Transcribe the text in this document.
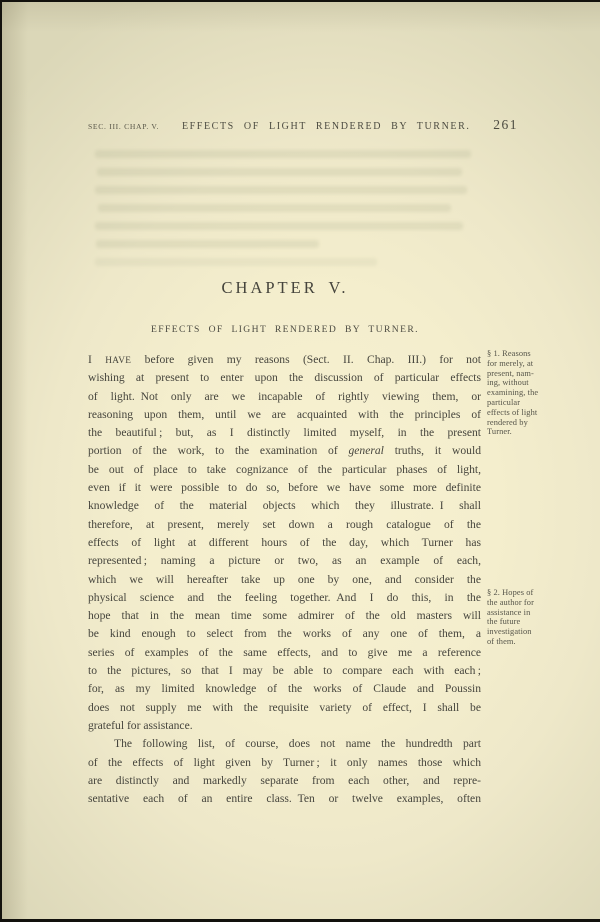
SEC. III. CHAP. V.	EFFECTS OF LIGHT RENDERED BY TURNER.	261
CHAPTER V.
EFFECTS OF LIGHT RENDERED BY TURNER.
I HAVE before given my reasons (Sect. II. Chap. III.) for not
wishing at present to enter upon the discussion of particular effects
of light. Not only are we incapable of rightly viewing them, or
reasoning upon them, until we are acquainted with the principles of
the beautiful ; but, as I distinctly limited myself, in the present
portion of the work, to the examination of general truths, it would
be out of place to take cognizance of the particular phases of light,
even if it were possible to do so, before we have some more definite
knowledge of the material objects which they illustrate. I shall
therefore, at present, merely set down a rough catalogue of the
effects of light at different hours of the day, which Turner has
represented ; naming a picture or two, as an example of each,
which we will hereafter take up one by one, and consider the
physical science and the feeling together. And I do this, in the
hope that in the mean time some admirer of the old masters will
be kind enough to select from the works of any one of them, a
series of examples of the same effects, and to give me a reference
to the pictures, so that I may be able to compare each with each ;
for, as my limited knowledge of the works of Claude and Poussin
does not supply me with the requisite variety of effect, I shall be
grateful for assistance.
The following list, of course, does not name the hundredth part
of the effects of light given by Turner ; it only names those which
are distinctly and markedly separate from each other, and repre-
sentative each of an entire class. Ten or twelve examples, often
§ 1. Reasons
for merely, at
present, nam-
ing, without
examining, the
particular
effects of light
rendered by
Turner.
§ 2. Hopes of
the author for
assistance in
the future
investigation
of them.
